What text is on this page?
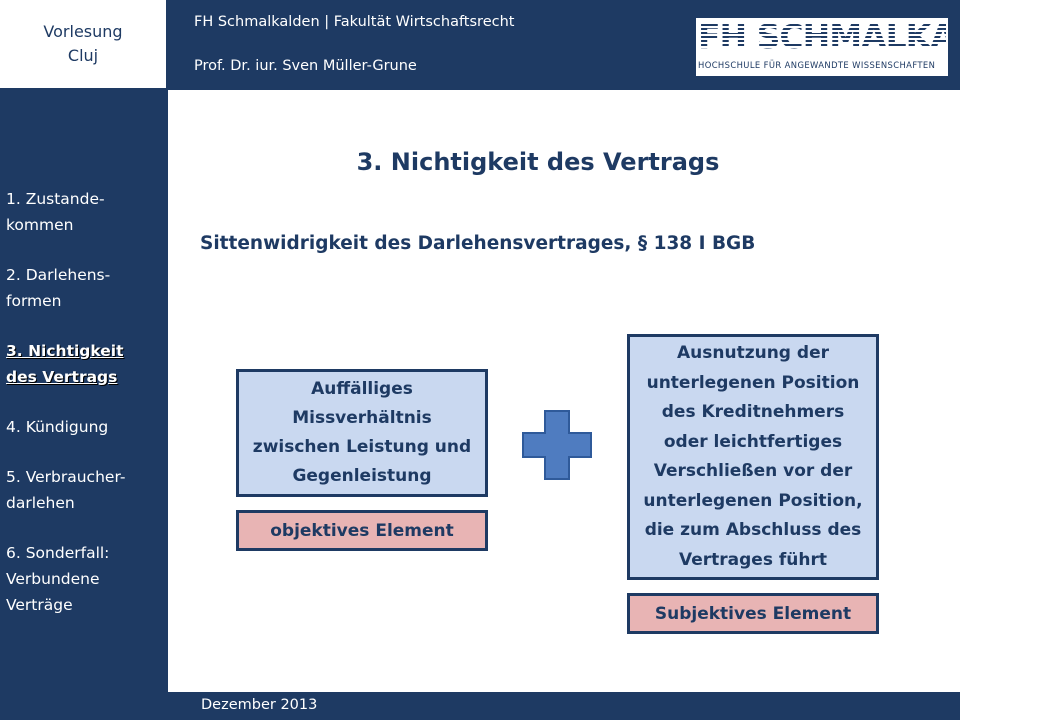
Vorlesung
Cluj
1. Zustande-
kommen
2. Darlehens-
formen
3. Nichtigkeit
des Vertrags
4. Kündigung
5. Verbraucher-
darlehen
6. Sonderfall:
Verbundene
Verträge
FH Schmalkalden | Fakultät Wirtschaftsrecht
Prof. Dr. iur. Sven Müller-Grune
FH SCHMALKALDEN
HOCHSCHULE FÜR ANGEWANDTE WISSENSCHAFTEN
3. Nichtigkeit des Vertrags
Sittenwidrigkeit des Darlehensvertrages, § 138 I BGB
Auffälliges
Missverhältnis
zwischen Leistung und
Gegenleistung
objektives Element
Ausnutzung der
unterlegenen Position
des Kreditnehmers
oder leichtfertiges
Verschließen vor der
unterlegenen Position,
die zum Abschluss des
Vertrages führt
Subjektives Element
Dezember 2013
